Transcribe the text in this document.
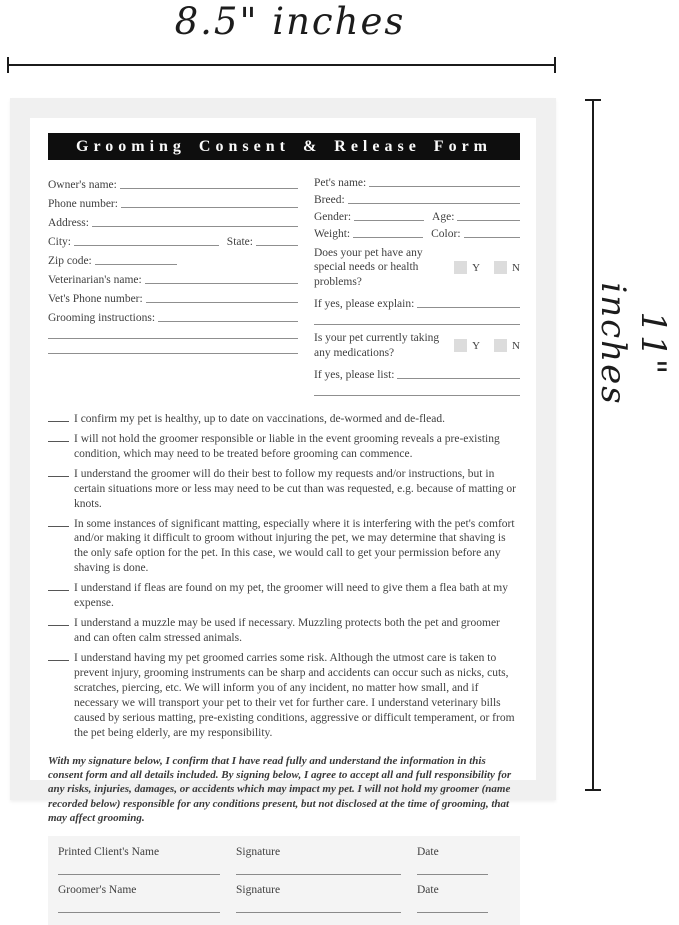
8.5" inches
11" inches
Grooming Consent & Release Form
Owner's name:
Phone number:
Address:
City:	State:
Zip code:
Veterinarian's name:
Vet's Phone number:
Grooming instructions:
Pet's name:
Breed:
Gender:	Age:
Weight:	Color:
Does your pet have any special needs or health problems?
Y	N
If yes, please explain:
Is your pet currently taking any medications?
Y	N
If yes, please list:
I confirm my pet is healthy, up to date on vaccinations, de-wormed and de-flead.
I will not hold the groomer responsible or liable in the event grooming reveals a pre-existing condition, which may need to be treated before grooming can commence.
I understand the groomer will do their best to follow my requests and/or instructions, but in certain situations more or less may need to be cut than was requested, e.g. because of matting or knots.
In some instances of significant matting, especially where it is interfering with the pet's comfort and/or making it difficult to groom without injuring the pet, we may determine that shaving is the only safe option for the pet. In this case, we would call to get your permission before any shaving is done.
I understand if fleas are found on my pet, the groomer will need to give them a flea bath at my expense.
I understand a muzzle may be used if necessary. Muzzling protects both the pet and groomer and can often calm stressed animals.
I understand having my pet groomed carries some risk. Although the utmost care is taken to prevent injury, grooming instruments can be sharp and accidents can occur such as nicks, cuts, scratches, piercing, etc. We will inform you of any incident, no matter how small, and if necessary we will transport your pet to their vet for further care. I understand veterinary bills caused by serious matting, pre-existing conditions, aggressive or difficult temperament, or from the pet being elderly, are my responsibility.
With my signature below, I confirm that I have read fully and understand the information in this consent form and all details included. By signing below, I agree to accept all and full responsibility for any risks, injuries, damages, or accidents which may impact my pet. I will not hold my groomer (name recorded below) responsible for any conditions present, but not disclosed at the time of grooming, that may affect grooming.
Printed Client's Name	Signature	Date
Groomer's Name	Signature	Date
